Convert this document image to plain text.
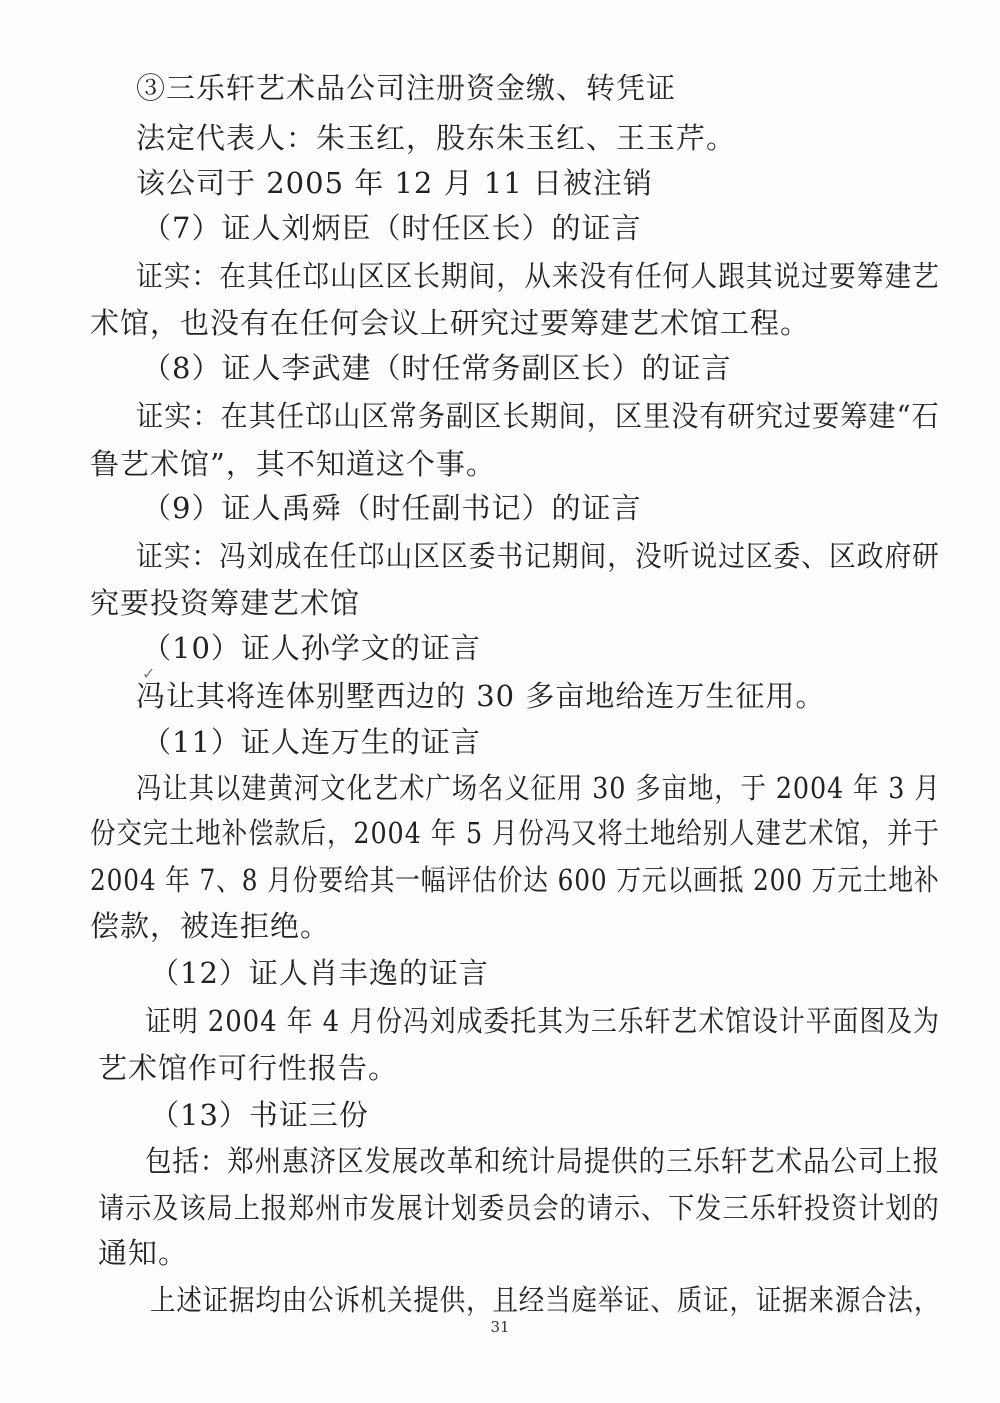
③三乐轩艺术品公司注册资金缴、转凭证
法定代表人：朱玉红，股东朱玉红、王玉芹。
该公司于 2005 年 12 月 11 日被注销
（7）证人刘炳臣（时任区长）的证言
证实：在其任邙山区区长期间，从来没有任何人跟其说过要筹建艺
术馆，也没有在任何会议上研究过要筹建艺术馆工程。
（8）证人李武建（时任常务副区长）的证言
证实：在其任邙山区常务副区长期间，区里没有研究过要筹建“石
鲁艺术馆”，其不知道这个事。
（9）证人禹舜（时任副书记）的证言
证实：冯刘成在任邙山区区委书记期间，没听说过区委、区政府研
究要投资筹建艺术馆
（10）证人孙学文的证言
✓
冯让其将连体别墅西边的 30 多亩地给连万生征用。
（11）证人连万生的证言
冯让其以建黄河文化艺术广场名义征用 30 多亩地，于 2004 年 3 月
份交完土地补偿款后，2004 年 5 月份冯又将土地给别人建艺术馆，并于
2004 年 7、8 月份要给其一幅评估价达 600 万元以画抵 200 万元土地补
偿款，被连拒绝。
（12）证人肖丰逸的证言
证明 2004 年 4 月份冯刘成委托其为三乐轩艺术馆设计平面图及为
艺术馆作可行性报告。
（13）书证三份
包括：郑州惠济区发展改革和统计局提供的三乐轩艺术品公司上报
请示及该局上报郑州市发展计划委员会的请示、下发三乐轩投资计划的
通知。
上述证据均由公诉机关提供，且经当庭举证、质证，证据来源合法，
31
